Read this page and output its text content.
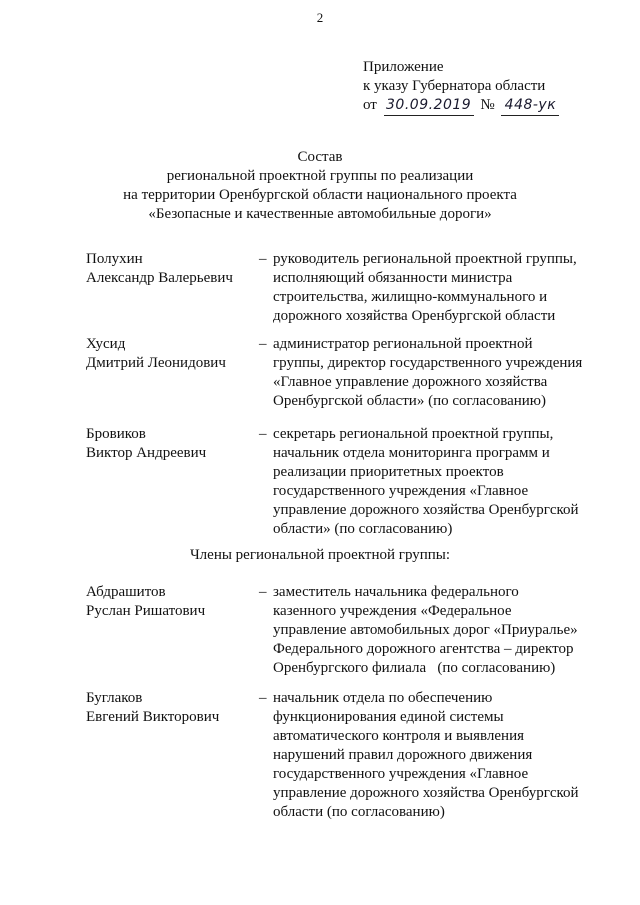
2
Приложение
к указу Губернатора области
от 30.09.2019 № 448-ук
Состав
региональной проектной группы по реализации
на территории Оренбургской области национального проекта
«Безопасные и качественные автомобильные дороги»
Полухин
Александр Валерьевич
– руководитель региональной проектной группы,
исполняющий обязанности министра
строительства, жилищно-коммунального и
дорожного хозяйства Оренбургской области
Хусид
Дмитрий Леонидович
– администратор региональной проектной
группы, директор государственного учреждения
«Главное управление дорожного хозяйства
Оренбургской области» (по согласованию)
Бровиков
Виктор Андреевич
– секретарь региональной проектной группы,
начальник отдела мониторинга программ и
реализации приоритетных проектов
государственного учреждения «Главное
управление дорожного хозяйства Оренбургской
области» (по согласованию)
Члены региональной проектной группы:
Абдрашитов
Руслан Ришатович
– заместитель начальника федерального
казенного учреждения «Федеральное
управление автомобильных дорог «Приуралье»
Федерального дорожного агентства – директор
Оренбургского филиала   (по согласованию)
Буглаков
Евгений Викторович
– начальник отдела по обеспечению
функционирования единой системы
автоматического контроля и выявления
нарушений правил дорожного движения
государственного учреждения «Главное
управление дорожного хозяйства Оренбургской
области (по согласованию)
